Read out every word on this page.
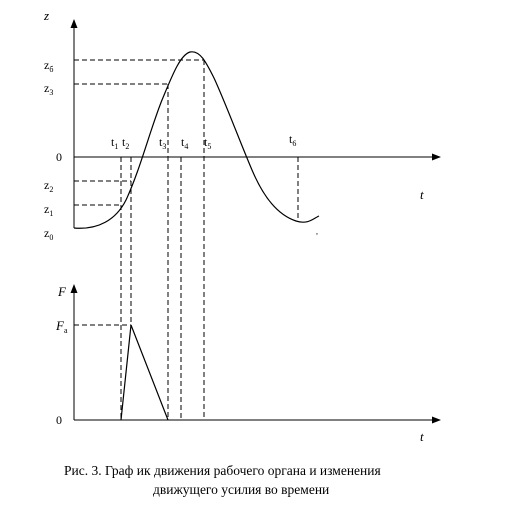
z
t
$z_б$
$z_3$
0
$z_2$
$z_1$
$z_0$
$t_1$ $t_2$ $t_3$ $t_4$ $t_5$
$t_6$
,
F
t
$F_a$
0
Рис. 3. Граф ик движения рабочего органа и изменения
движущего усилия во времени
